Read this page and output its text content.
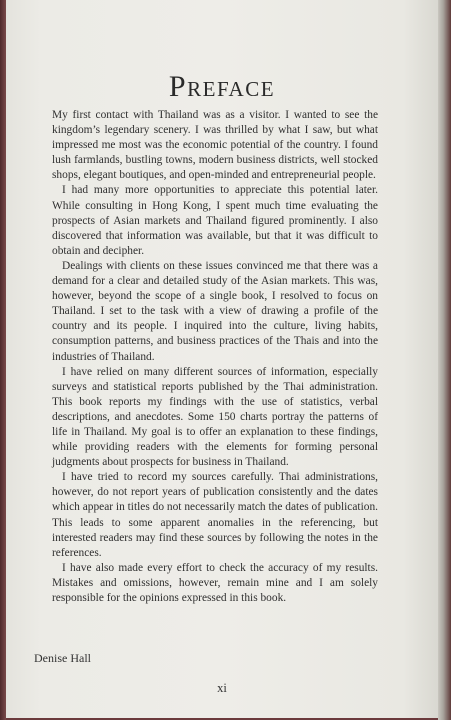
Preface

My first contact with Thailand was as a visitor. I wanted to see the kingdom’s legendary scenery. I was thrilled by what I saw, but what impressed me most was the economic potential of the country. I found lush farmlands, bustling towns, modern business districts, well stocked shops, elegant boutiques, and open-minded and entrepreneurial people.

I had many more opportunities to appreciate this potential later. While consulting in Hong Kong, I spent much time evaluating the prospects of Asian markets and Thailand figured prominently. I also discovered that information was available, but that it was difficult to obtain and decipher.

Dealings with clients on these issues convinced me that there was a demand for a clear and detailed study of the Asian markets. This was, however, beyond the scope of a single book, I resolved to focus on Thailand. I set to the task with a view of drawing a profile of the country and its people. I inquired into the culture, living habits, consumption patterns, and business practices of the Thais and into the industries of Thailand.

I have relied on many different sources of information, especially surveys and statistical reports published by the Thai administration. This book reports my findings with the use of statistics, verbal descriptions, and anecdotes. Some 150 charts portray the patterns of life in Thailand. My goal is to offer an explanation to these findings, while providing readers with the elements for forming personal judgments about prospects for business in Thailand.

I have tried to record my sources carefully. Thai administrations, however, do not report years of publication consistently and the dates which appear in titles do not necessarily match the dates of publication. This leads to some apparent anomalies in the referencing, but interested readers may find these sources by following the notes in the references.

I have also made every effort to check the accuracy of my results. Mistakes and omissions, however, remain mine and I am solely responsible for the opinions expressed in this book.

Denise Hall
xi
